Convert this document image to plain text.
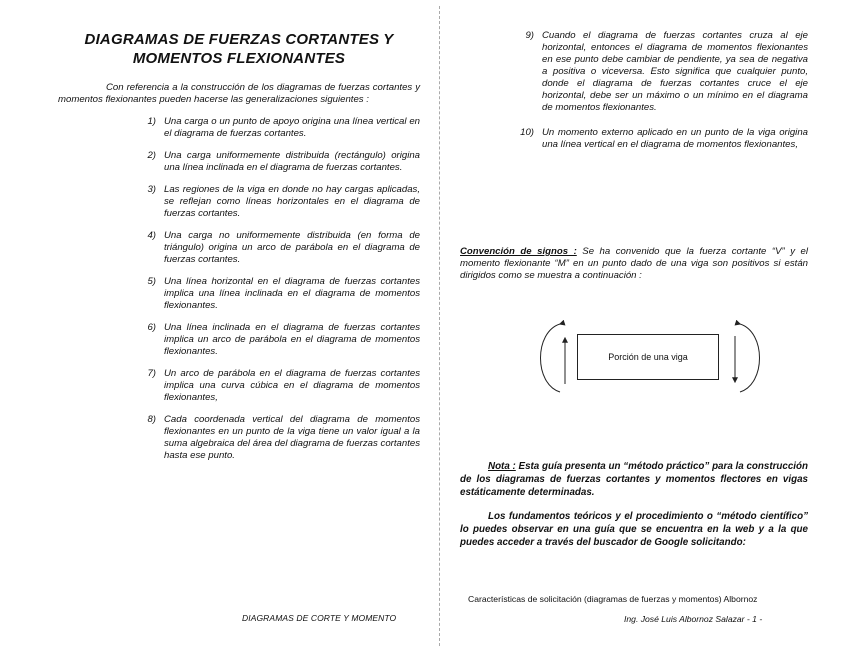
DIAGRAMAS DE FUERZAS CORTANTES Y
MOMENTOS FLEXIONANTES

Con referencia a la construcción de los diagramas de fuerzas cortantes y momentos flexionantes pueden hacerse las generalizaciones siguientes :

1) Una carga o un punto de apoyo origina una línea vertical en el diagrama de fuerzas cortantes.
2) Una carga uniformemente distribuida (rectángulo) origina una línea inclinada en el diagrama de fuerzas cortantes.
3) Las regiones de la viga en donde no hay cargas aplicadas, se reflejan como líneas horizontales en el diagrama de fuerzas cortantes.
4) Una carga no uniformemente distribuida (en forma de triángulo) origina un arco de parábola en el diagrama de fuerzas cortantes.
5) Una línea horizontal en el diagrama de fuerzas cortantes implica una línea inclinada en el diagrama de momentos flexionantes.
6) Una línea inclinada en el diagrama de fuerzas cortantes implica un arco de parábola en el diagrama de momentos flexionantes.
7) Un arco de parábola en el diagrama de fuerzas cortantes implica una curva cúbica en el diagrama de momentos flexionantes,
8) Cada coordenada vertical del diagrama de momentos flexionantes en un punto de la viga tiene un valor igual a la suma algebraica del área del diagrama de fuerzas cortantes hasta ese punto.
DIAGRAMAS DE CORTE Y MOMENTO
9) Cuando el diagrama de fuerzas cortantes cruza al eje horizontal, entonces el diagrama de momentos flexionantes en ese punto debe cambiar de pendiente, ya sea de negativa a positiva o viceversa. Esto significa que cualquier punto, donde el diagrama de fuerzas cortantes cruce el eje horizontal, debe ser un máximo o un mínimo en el diagrama de momentos flexionantes.
10) Un momento externo aplicado en un punto de la viga origina una línea vertical en el diagrama de momentos flexionantes,
Convención de signos : Se ha convenido que la fuerza cortante “V” y el momento flexionante “M” en un punto dado de una viga son positivos si están dirigidos como se muestra a continuación :
Porción de una viga

Nota : Esta guía presenta un “método práctico” para la construcción de los diagramas de fuerzas cortantes y momentos flectores en vigas estáticamente determinadas.

Los fundamentos teóricos y el procedimiento o “método científico” lo puedes observar en una guía que se encuentra en la web y a la que puedes acceder a través del buscador de Google solicitando:

Características de solicitación (diagramas de fuerzas y momentos) Albornoz
Ing. José Luis Albornoz Salazar - 1 -
